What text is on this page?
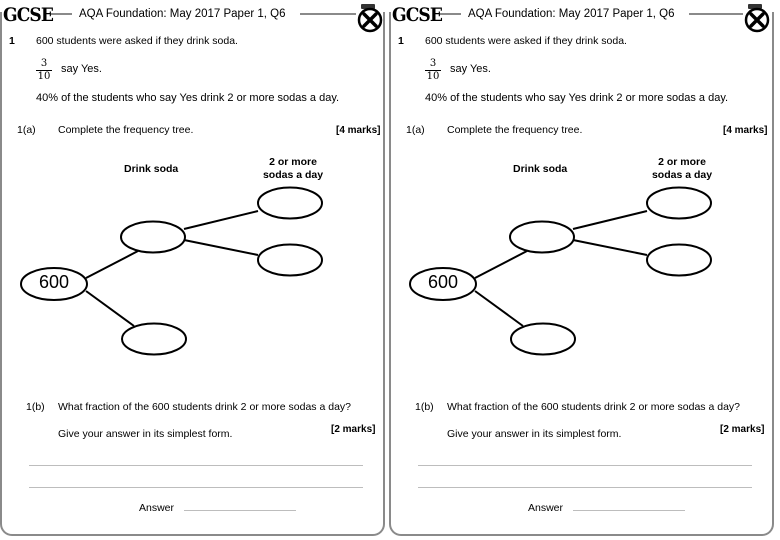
GCSE AQA Foundation: May 2017 Paper 1, Q6
1 600 students were asked if they drink soda.
$\frac{3}{10}$ say Yes.
40% of the students who say Yes drink 2 or more sodas a day.
1(a) Complete the frequency tree.	[4 marks]
Drink soda
2 or more
sodas a day
600
1(b) What fraction of the 600 students drink 2 or more sodas a day?
Give your answer in its simplest form.	[2 marks]
Answer
GCSE AQA Foundation: May 2017 Paper 1, Q6
1 600 students were asked if they drink soda.
$\frac{3}{10}$ say Yes.
40% of the students who say Yes drink 2 or more sodas a day.
1(a) Complete the frequency tree.	[4 marks]
Drink soda
2 or more
sodas a day
600
1(b) What fraction of the 600 students drink 2 or more sodas a day?
Give your answer in its simplest form.	[2 marks]
Answer
